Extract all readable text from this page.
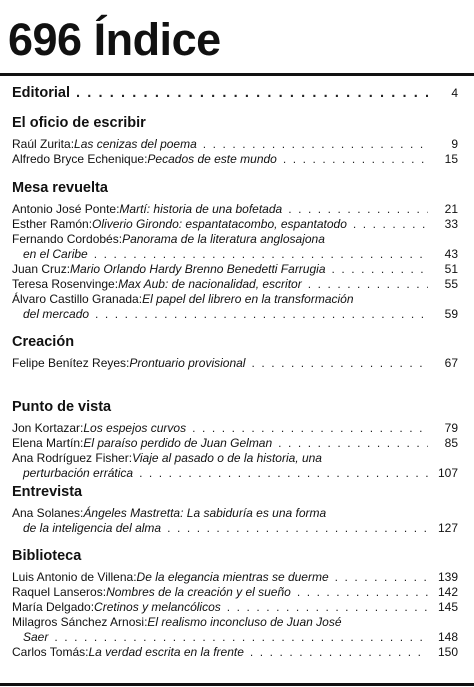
696 Índice
Editorial . . .	4
El oficio de escribir
Raúl Zurita: Las cenizas del poema . . .	9
Alfredo Bryce Echenique: Pecados de este mundo . . .	15
Mesa revuelta
Antonio José Ponte: Martí: historia de una bofetada . . .	21
Esther Ramón: Oliverio Girondo: espantatacombo, espantatodo . . .	33
Fernando Cordobés: Panorama de la literatura anglosajona
en el Caribe . . .	43
Juan Cruz: Mario Orlando Hardy Brenno Benedetti Farrugia . . .	51
Teresa Rosenvinge: Max Aub: de nacionalidad, escritor . . .	55
Álvaro Castillo Granada: El papel del librero en la transformación
del mercado . . .	59
Creación
Felipe Benítez Reyes: Prontuario provisional . . .	67
Punto de vista
Jon Kortazar: Los espejos curvos . . .	79
Elena Martín: El paraíso perdido de Juan Gelman . . .	85
Ana Rodríguez Fisher: Viaje al pasado o de la historia, una
perturbación errática . . .	107
Entrevista
Ana Solanes: Ángeles Mastretta: La sabiduría es una forma
de la inteligencia del alma . . .	127
Biblioteca
Luis Antonio de Villena: De la elegancia mientras se duerme . . .	139
Raquel Lanseros: Nombres de la creación y el sueño . . .	142
María Delgado: Cretinos y melancólicos . . .	145
Milagros Sánchez Arnosi: El realismo inconcluso de Juan José
Saer . . .	148
Carlos Tomás: La verdad escrita en la frente . . .	150
